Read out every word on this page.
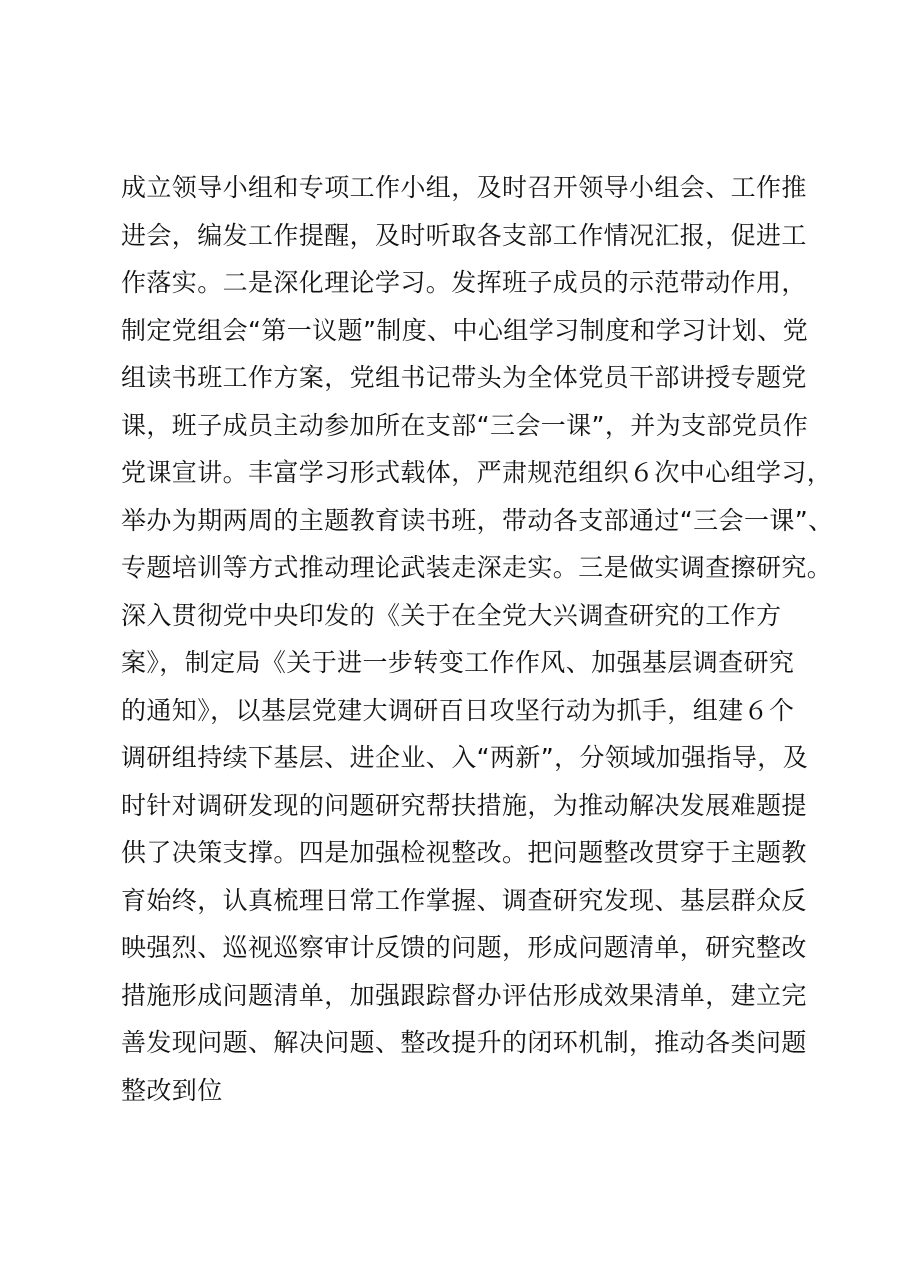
成立领导小组和专项工作小组，及时召开领导小组会、工作推
进会，编发工作提醒，及时听取各支部工作情况汇报，促进工
作落实。二是深化理论学习。发挥班子成员的示范带动作用，
制定党组会“第一议题”制度、中心组学习制度和学习计划、党
组读书班工作方案，党组书记带头为全体党员干部讲授专题党
课，班子成员主动参加所在支部“三会一课”，并为支部党员作
党课宣讲。丰富学习形式载体，严肃规范组织６次中心组学习，
举办为期两周的主题教育读书班，带动各支部通过“三会一课”、
专题培训等方式推动理论武装走深走实。三是做实调查擦研究。
深入贯彻党中央印发的《关于在全党大兴调查研究的工作方
案》，制定局《关于进一步转变工作作风、加强基层调查研究
的通知》，以基层党建大调研百日攻坚行动为抓手，组建６个
调研组持续下基层、进企业、入“两新”，分领域加强指导，及
时针对调研发现的问题研究帮扶措施，为推动解决发展难题提
供了决策支撑。四是加强检视整改。把问题整改贯穿于主题教
育始终，认真梳理日常工作掌握、调查研究发现、基层群众反
映强烈、巡视巡察审计反馈的问题，形成问题清单，研究整改
措施形成问题清单，加强跟踪督办评估形成效果清单，建立完
善发现问题、解决问题、整改提升的闭环机制，推动各类问题
整改到位
